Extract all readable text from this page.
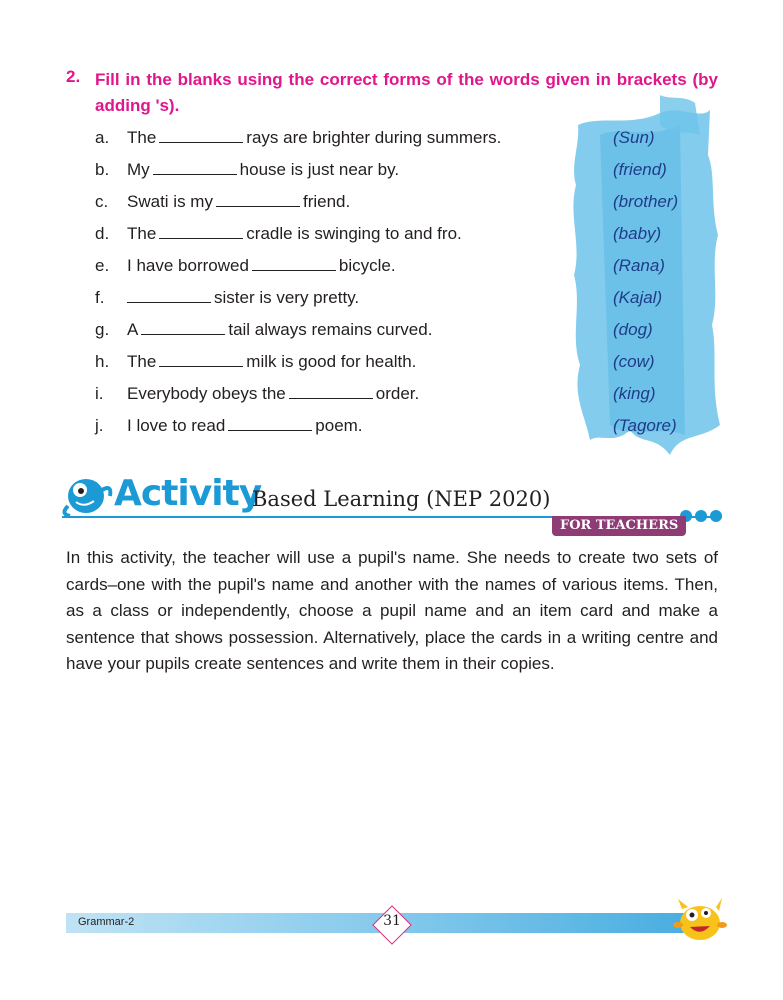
2. Fill in the blanks using the correct forms of the words given in brackets (by adding 's).
a. The	rays are brighter during summers.	(Sun)
b. My	house is just near by.	(friend)
c. Swati is my	friend.	(brother)
d. The	cradle is swinging to and fro.	(baby)
e. I have borrowed	bicycle.	(Rana)
f.	sister is very pretty.	(Kajal)
g. A	tail always remains curved.	(dog)
h. The	milk is good for health.	(cow)
i. Everybody obeys the	order.	(king)
j. I love to read	poem.	(Tagore)
Activity
Based Learning (NEP 2020)
FOR TEACHERS
In this activity, the teacher will use a pupil's name. She needs to create two sets of cards–one with the pupil's name and another with the names of various items. Then, as a class or independently, choose a pupil name and an item card and make a sentence that shows possession. Alternatively, place the cards in a writing centre and have your pupils create sentences and write them in their copies.
Grammar-2	31
